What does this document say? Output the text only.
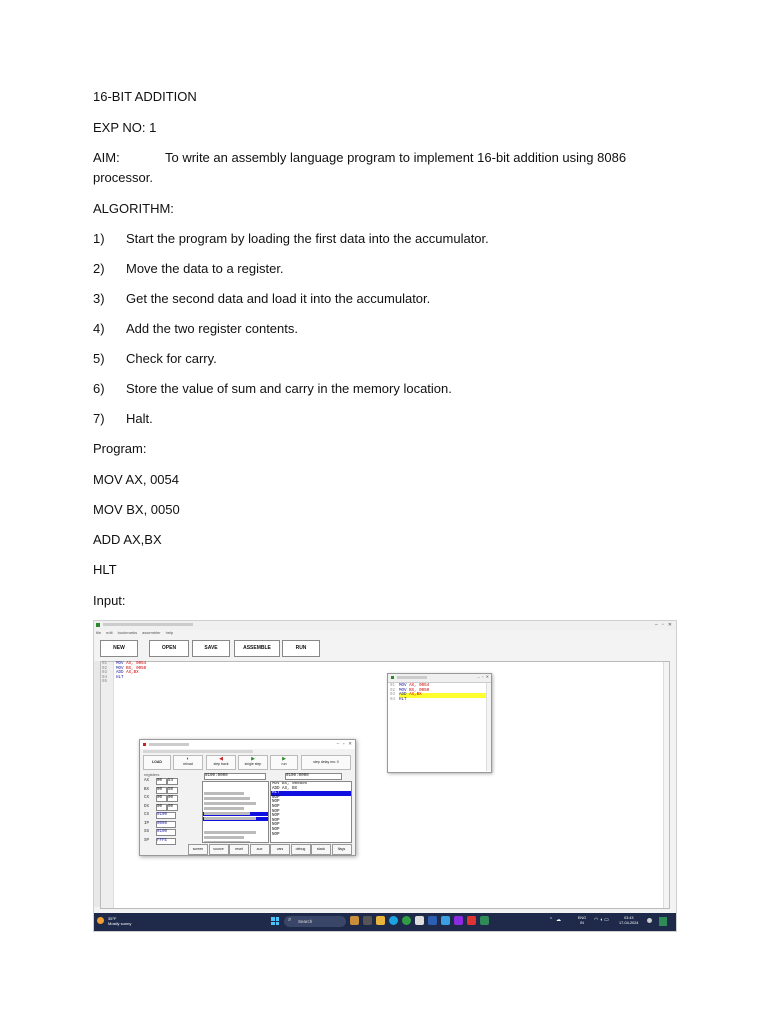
16-BIT ADDITION
EXP NO: 1
AIM:	To write an assembly language program to implement 16-bit addition using 8086
processor.
ALGORITHM:
1)	Start the program by loading the first data into the accumulator.
2)	Move the data to a register.
3)	Get the second data and load it into the accumulator.
4)	Add the two register contents.
5)	Check for carry.
6)	Store the value of sum and carry in the memory location.
7)	Halt.
Program:
MOV AX, 0054
MOV BX, 0050
ADD AX,BX
HLT
Input:
–   ▫   ✕
file edit bookmarks assembler help
NEW	OPEN	SAVE	ASSEMBLE	RUN
01
02
03
04
05
MOV AX, 0054
MOV BX, 0050
ADD AX,BX
HLT	–  ▫  ✕
01
02
03
04
MOV AX, 0054
MOV BX, 0050
ADD AX,BX
HLT
–   ▫   ✕
LOAD	◐
reload
◀
step back
▶
single step
▶
run	step delay ms: 0
registers
AX 00	54
BX 00	50
CX 00	00
DX 00	00
CS 0100
IP 0006
SS 0100
SP FFFE
0100:0000	0100:0000
MOV BX, 00050h
ADD AX, BX
HLT
NOP
NOP
NOP
NOP
NOP
NOP
NOP
NOP
NOP
screen	source	reset	aux	vars	debug	stack	flags
35°F
Mostly sunny
⌕ Search	⌃  ☁	ENG IN	◠ ◖ ▭	03:43
17-04-2024
